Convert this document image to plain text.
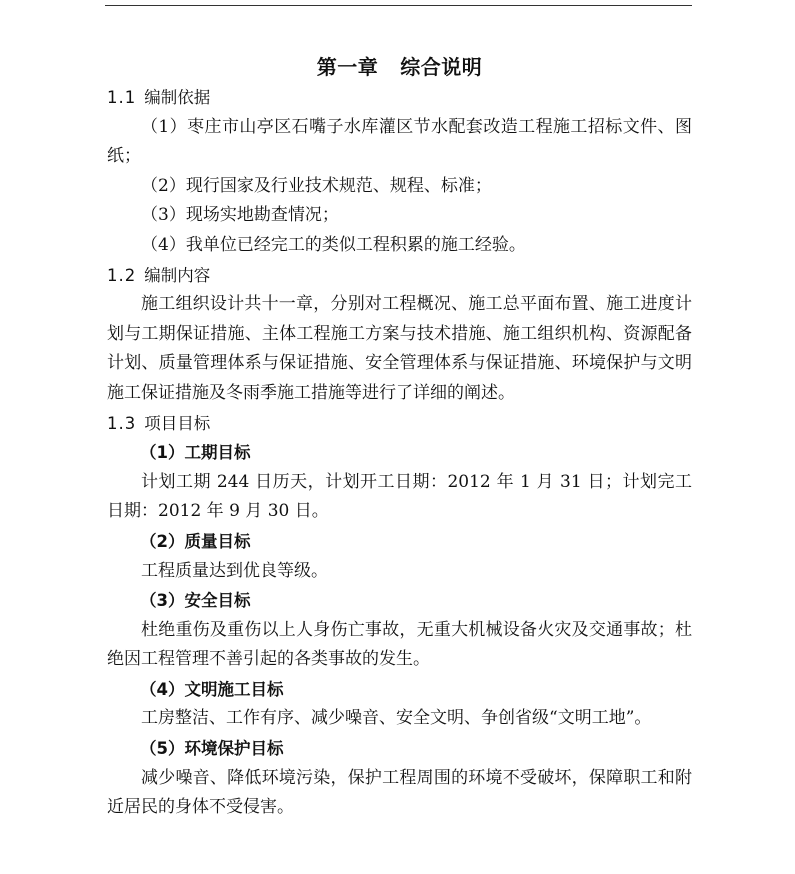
第一章 综合说明
1.1 编制依据
（1）枣庄市山亭区石嘴子水库灌区节水配套改造工程施工招标文件、图纸；
（2）现行国家及行业技术规范、规程、标准；
（3）现场实地勘查情况；
（4）我单位已经完工的类似工程积累的施工经验。
1.2 编制内容
施工组织设计共十一章，分别对工程概况、施工总平面布置、施工进度计划与工期保证措施、主体工程施工方案与技术措施、施工组织机构、资源配备计划、质量管理体系与保证措施、安全管理体系与保证措施、环境保护与文明施工保证措施及冬雨季施工措施等进行了详细的阐述。
1.3 项目目标
（1）工期目标
计划工期 244 日历天，计划开工日期：2012 年 1 月 31 日；计划完工日期：2012 年 9 月 30 日。
（2）质量目标
工程质量达到优良等级。
（3）安全目标
杜绝重伤及重伤以上人身伤亡事故，无重大机械设备火灾及交通事故；杜绝因工程管理不善引起的各类事故的发生。
（4）文明施工目标
工房整洁、工作有序、减少噪音、安全文明、争创省级“文明工地”。
（5）环境保护目标
减少噪音、降低环境污染，保护工程周围的环境不受破坏，保障职工和附近居民的身体不受侵害。
